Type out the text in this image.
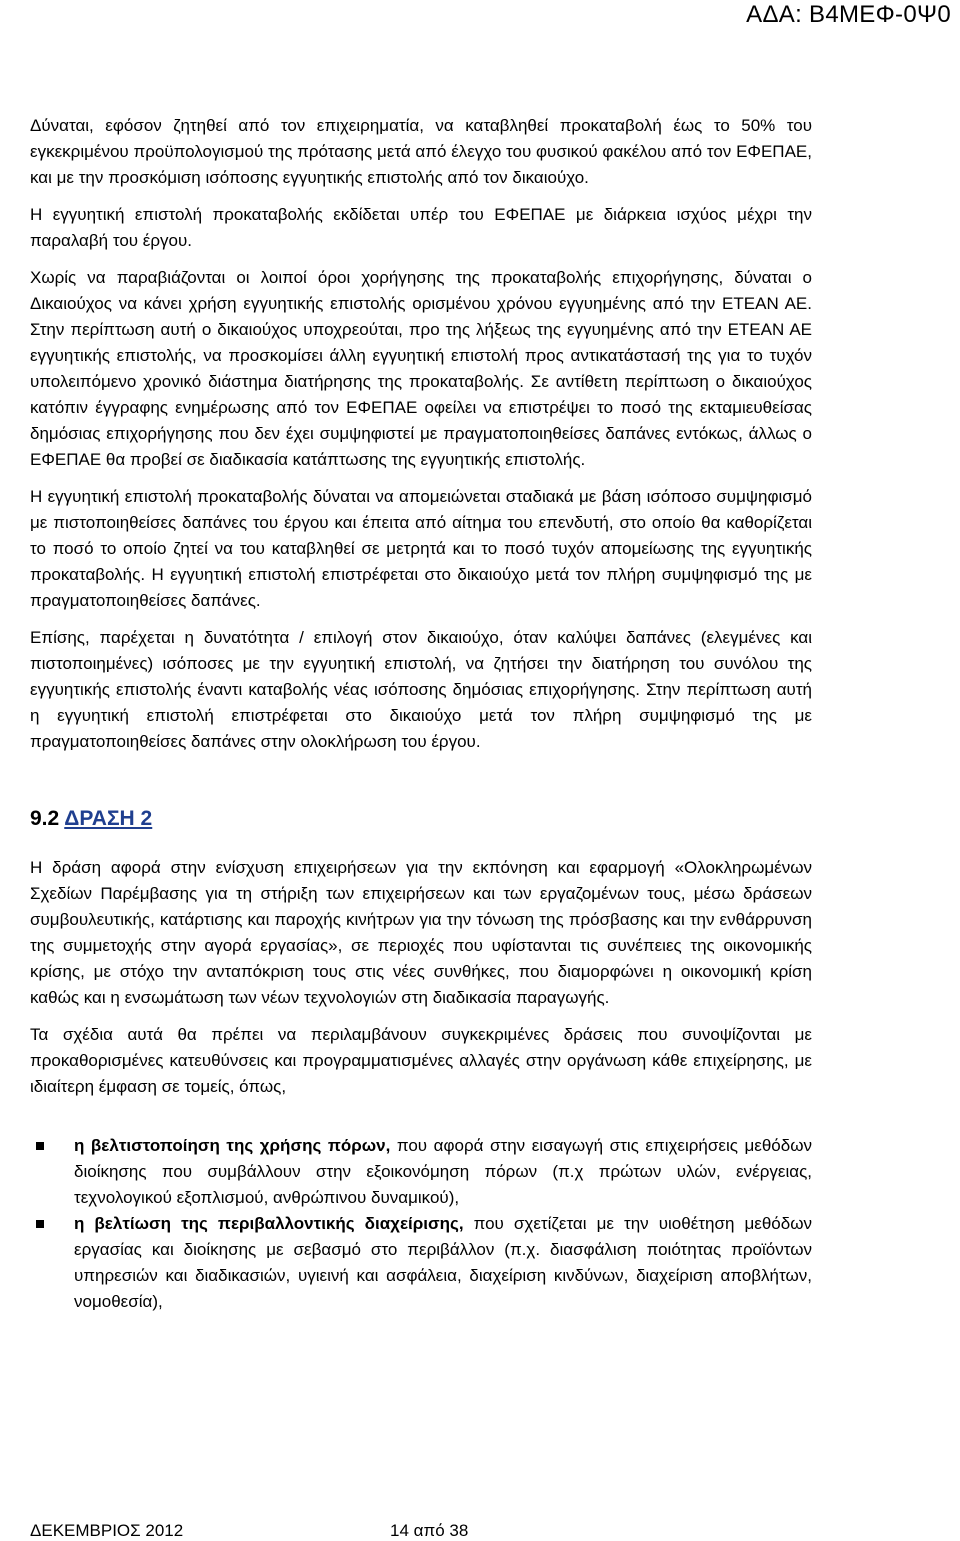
ΑΔΑ: Β4ΜΕΦ-0Ψ0

Δύναται, εφόσον ζητηθεί από τον επιχειρηματία, να καταβληθεί προκαταβολή έως το 50% του εγκεκριμένου προϋπολογισμού της πρότασης μετά από έλεγχο του φυσικού φακέλου από τον ΕΦΕΠΑΕ, και με την προσκόμιση ισόποσης εγγυητικής επιστολής από τον δικαιούχο.

Η εγγυητική επιστολή προκαταβολής εκδίδεται υπέρ του ΕΦΕΠΑΕ με διάρκεια ισχύος μέχρι την παραλαβή του έργου.

Χωρίς να παραβιάζονται οι λοιποί όροι χορήγησης της προκαταβολής επιχορήγησης, δύναται ο Δικαιούχος να κάνει χρήση εγγυητικής επιστολής ορισμένου χρόνου εγγυημένης από την ΕΤΕΑΝ ΑΕ. Στην περίπτωση αυτή ο δικαιούχος υποχρεούται, προ της λήξεως της εγγυημένης από την ΕΤΕΑΝ ΑΕ εγγυητικής επιστολής, να προσκομίσει άλλη εγγυητική επιστολή προς αντικατάστασή της για το τυχόν υπολειπόμενο χρονικό διάστημα διατήρησης της προκαταβολής. Σε αντίθετη περίπτωση ο δικαιούχος κατόπιν έγγραφης ενημέρωσης από τον ΕΦΕΠΑΕ οφείλει να επιστρέψει το ποσό της εκταμιευθείσας δημόσιας επιχορήγησης που δεν έχει συμψηφιστεί με πραγματοποιηθείσες δαπάνες εντόκως, άλλως ο ΕΦΕΠΑΕ θα προβεί σε διαδικασία κατάπτωσης της εγγυητικής επιστολής.

Η εγγυητική επιστολή προκαταβολής δύναται να απομειώνεται σταδιακά με βάση ισόποσο συμψηφισμό με πιστοποιηθείσες δαπάνες του έργου και έπειτα από αίτημα του επενδυτή, στο οποίο θα καθορίζεται το ποσό το οποίο ζητεί να του καταβληθεί σε μετρητά και το ποσό τυχόν απομείωσης της εγγυητικής προκαταβολής. Η εγγυητική επιστολή επιστρέφεται στο δικαιούχο μετά τον πλήρη συμψηφισμό της με πραγματοποιηθείσες δαπάνες.

Επίσης, παρέχεται η δυνατότητα / επιλογή στον δικαιούχο, όταν καλύψει δαπάνες (ελεγμένες και πιστοποιημένες) ισόποσες με την εγγυητική επιστολή, να ζητήσει την διατήρηση του συνόλου της εγγυητικής επιστολής έναντι καταβολής νέας ισόποσης δημόσιας επιχορήγησης. Στην περίπτωση αυτή η εγγυητική επιστολή επιστρέφεται στο δικαιούχο μετά τον πλήρη συμψηφισμό της με πραγματοποιηθείσες δαπάνες στην ολοκλήρωση του έργου.

9.2 ΔΡΑΣΗ 2

Η δράση αφορά στην ενίσχυση επιχειρήσεων για την εκπόνηση και εφαρμογή «Ολοκληρωμένων Σχεδίων Παρέμβασης για τη στήριξη των επιχειρήσεων και των εργαζομένων τους, μέσω δράσεων συμβουλευτικής, κατάρτισης και παροχής κινήτρων για την τόνωση της πρόσβασης και την ενθάρρυνση της συμμετοχής στην αγορά εργασίας», σε περιοχές που υφίστανται τις συνέπειες της οικονομικής κρίσης, με στόχο την ανταπόκριση τους στις νέες συνθήκες, που διαμορφώνει η οικονομική κρίση καθώς και η ενσωμάτωση των νέων τεχνολογιών στη διαδικασία παραγωγής.

Τα σχέδια αυτά θα πρέπει να περιλαμβάνουν συγκεκριμένες δράσεις που συνοψίζονται με προκαθορισμένες κατευθύνσεις και προγραμματισμένες αλλαγές στην οργάνωση κάθε επιχείρησης, με ιδιαίτερη έμφαση σε τομείς, όπως,

η βελτιστοποίηση της χρήσης πόρων, που αφορά στην εισαγωγή στις επιχειρήσεις μεθόδων διοίκησης που συμβάλλουν στην εξοικονόμηση πόρων (π.χ πρώτων υλών, ενέργειας, τεχνολογικού εξοπλισμού, ανθρώπινου δυναμικού),
η βελτίωση της περιβαλλοντικής διαχείρισης, που σχετίζεται με την υιοθέτηση μεθόδων εργασίας και διοίκησης με σεβασμό στο περιβάλλον (π.χ. διασφάλιση ποιότητας προϊόντων υπηρεσιών και διαδικασιών, υγιεινή και ασφάλεια, διαχείριση κινδύνων, διαχείριση αποβλήτων, νομοθεσία),
ΔΕΚΕΜΒΡΙΟΣ 2012	14 από 38
